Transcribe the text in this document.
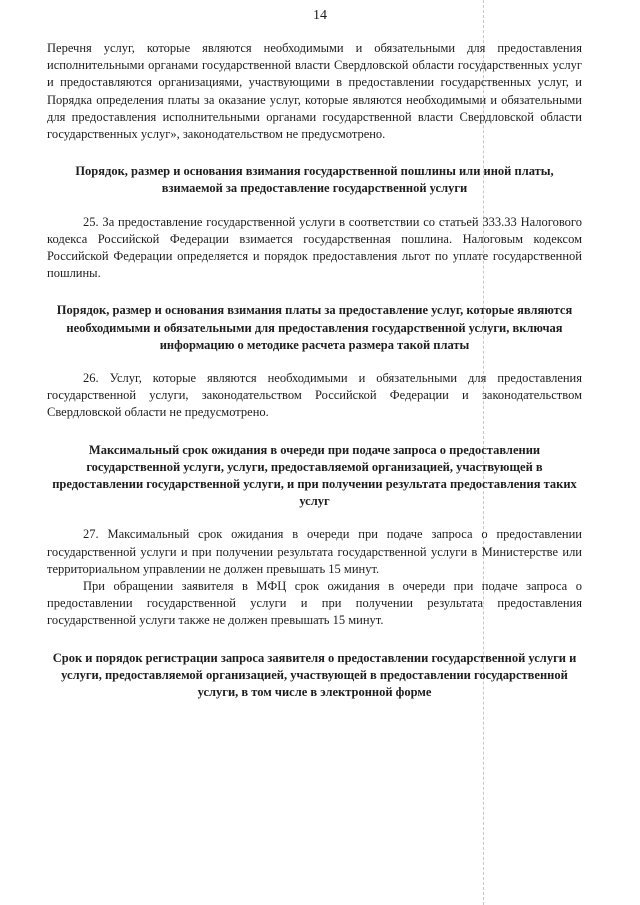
14

Перечня услуг, которые являются необходимыми и обязательными для предоставления исполнительными органами государственной власти Свердловской области государственных услуг и предоставляются организациями, участвующими в предоставлении государственных услуг, и Порядка определения платы за оказание услуг, которые являются необходимыми и обязательными для предоставления исполнительными органами государственной власти Свердловской области государственных услуг», законодательством не предусмотрено.

Порядок, размер и основания взимания государственной пошлины или иной платы, взимаемой за предоставление государственной услуги

25. За предоставление государственной услуги в соответствии со статьей 333.33 Налогового кодекса Российской Федерации взимается государственная пошлина. Налоговым кодексом Российской Федерации определяется и порядок предоставления льгот по уплате государственной пошлины.

Порядок, размер и основания взимания платы за предоставление услуг, которые являются необходимыми и обязательными для предоставления государственной услуги, включая информацию о методике расчета размера такой платы

26. Услуг, которые являются необходимыми и обязательными для предоставления государственной услуги, законодательством Российской Федерации и законодательством Свердловской области не предусмотрено.

Максимальный срок ожидания в очереди при подаче запроса о предоставлении государственной услуги, услуги, предоставляемой организацией, участвующей в предоставлении государственной услуги, и при получении результата предоставления таких услуг

27. Максимальный срок ожидания в очереди при подаче запроса о предоставлении государственной услуги и при получении результата государственной услуги в Министерстве или территориальном управлении не должен превышать 15 минут.

При обращении заявителя в МФЦ срок ожидания в очереди при подаче запроса о предоставлении государственной услуги и при получении результата предоставления государственной услуги также не должен превышать 15 минут.

Срок и порядок регистрации запроса заявителя о предоставлении государственной услуги и услуги, предоставляемой организацией, участвующей в предоставлении государственной услуги, в том числе в электронной форме
